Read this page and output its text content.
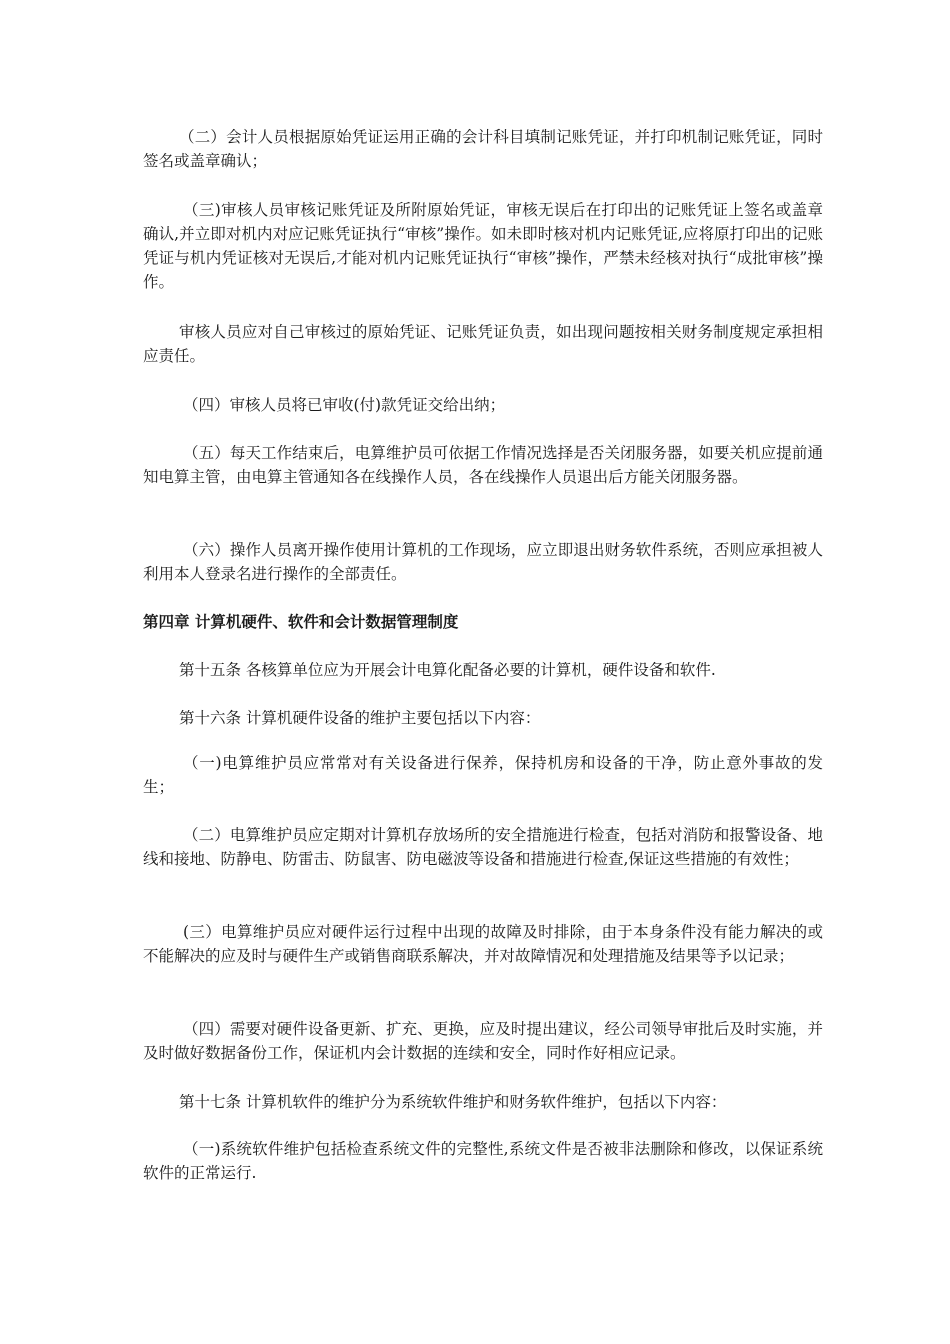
（二）会计人员根据原始凭证运用正确的会计科目填制记账凭证，并打印机制记账凭证，同时签名或盖章确认；

（三)审核人员审核记账凭证及所附原始凭证，审核无误后在打印出的记账凭证上签名或盖章确认,并立即对机内对应记账凭证执行“审核”操作。如未即时核对机内记账凭证,应将原打印出的记账凭证与机内凭证核对无误后,才能对机内记账凭证执行“审核”操作，严禁未经核对执行“成批审核”操作。

审核人员应对自己审核过的原始凭证、记账凭证负责，如出现问题按相关财务制度规定承担相应责任。

（四）审核人员将已审收(付)款凭证交给出纳；

（五）每天工作结束后，电算维护员可依据工作情况选择是否关闭服务器，如要关机应提前通知电算主管，由电算主管通知各在线操作人员，各在线操作人员退出后方能关闭服务器。

（六）操作人员离开操作使用计算机的工作现场，应立即退出财务软件系统，否则应承担被人利用本人登录名进行操作的全部责任。

第四章 计算机硬件、软件和会计数据管理制度

第十五条 各核算单位应为开展会计电算化配备必要的计算机，硬件设备和软件.

第十六条 计算机硬件设备的维护主要包括以下内容：

（一)电算维护员应常常对有关设备进行保养，保持机房和设备的干净，防止意外事故的发生；

（二）电算维护员应定期对计算机存放场所的安全措施进行检查，包括对消防和报警设备、地线和接地、防静电、防雷击、防鼠害、防电磁波等设备和措施进行检查,保证这些措施的有效性；

(三）电算维护员应对硬件运行过程中出现的故障及时排除，由于本身条件没有能力解决的或不能解决的应及时与硬件生产或销售商联系解决，并对故障情况和处理措施及结果等予以记录；

（四）需要对硬件设备更新、扩充、更换，应及时提出建议，经公司领导审批后及时实施，并及时做好数据备份工作，保证机内会计数据的连续和安全，同时作好相应记录。

第十七条 计算机软件的维护分为系统软件维护和财务软件维护，包括以下内容：

（一)系统软件维护包括检查系统文件的完整性,系统文件是否被非法删除和修改，以保证系统软件的正常运行.
